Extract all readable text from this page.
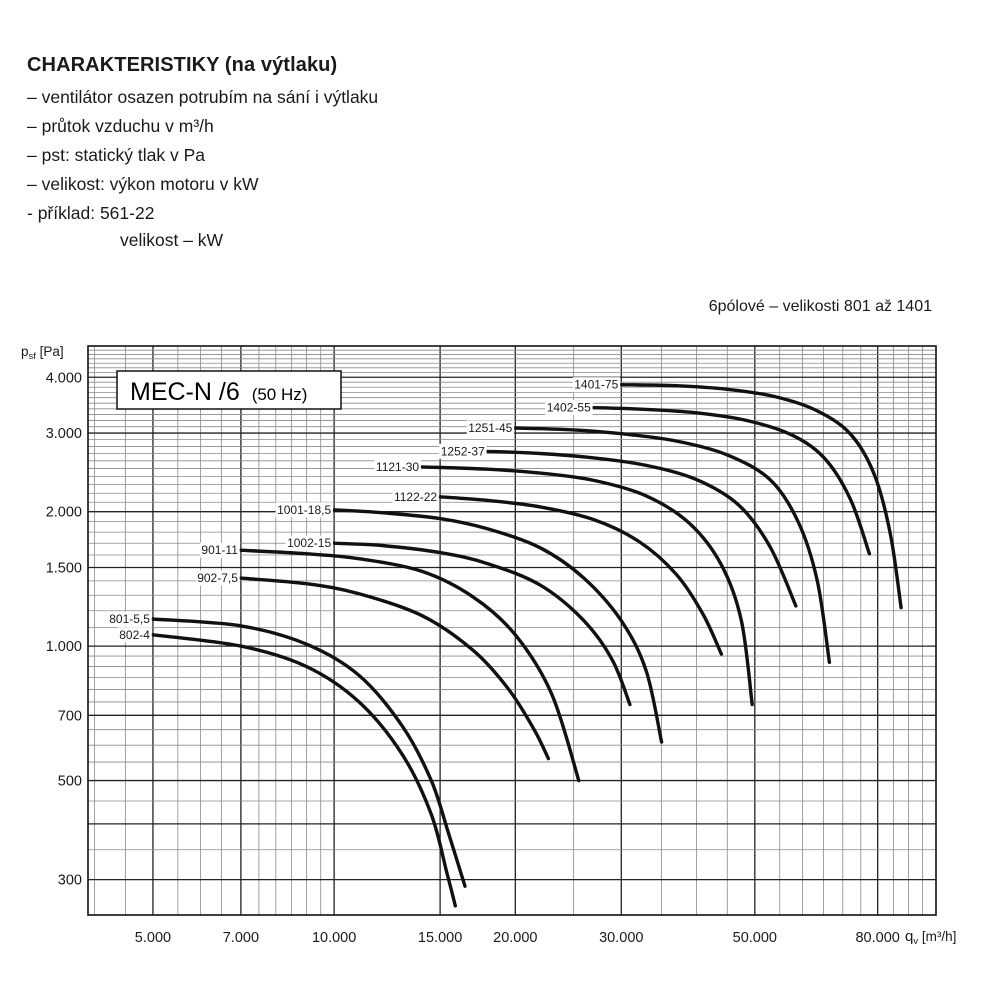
CHARAKTERISTIKY (na výtlaku)
– ventilátor osazen potrubím na sání i výtlaku
– průtok vzduchu v m³/h
– pst: statický tlak v Pa
– velikost: výkon motoru v kW
- příklad: 561-22
velikost – kW
6pólové – velikosti 801 až 1401
5.000	7.000	10.000	15.000 20.000	30.000	50.000	80.000
300
500
700
1.000
1.500
2.000
3.000
4.000
801-5,5
802-4
902-7,5
901-11	1002-15
1001-18,5
1122-22
1121-30
1252-37
1251-45
1402-55
1401-75
MEC-N /6 (50 Hz)
$p_{sf}$ [Pa]
$q_v$ [m³/h]
